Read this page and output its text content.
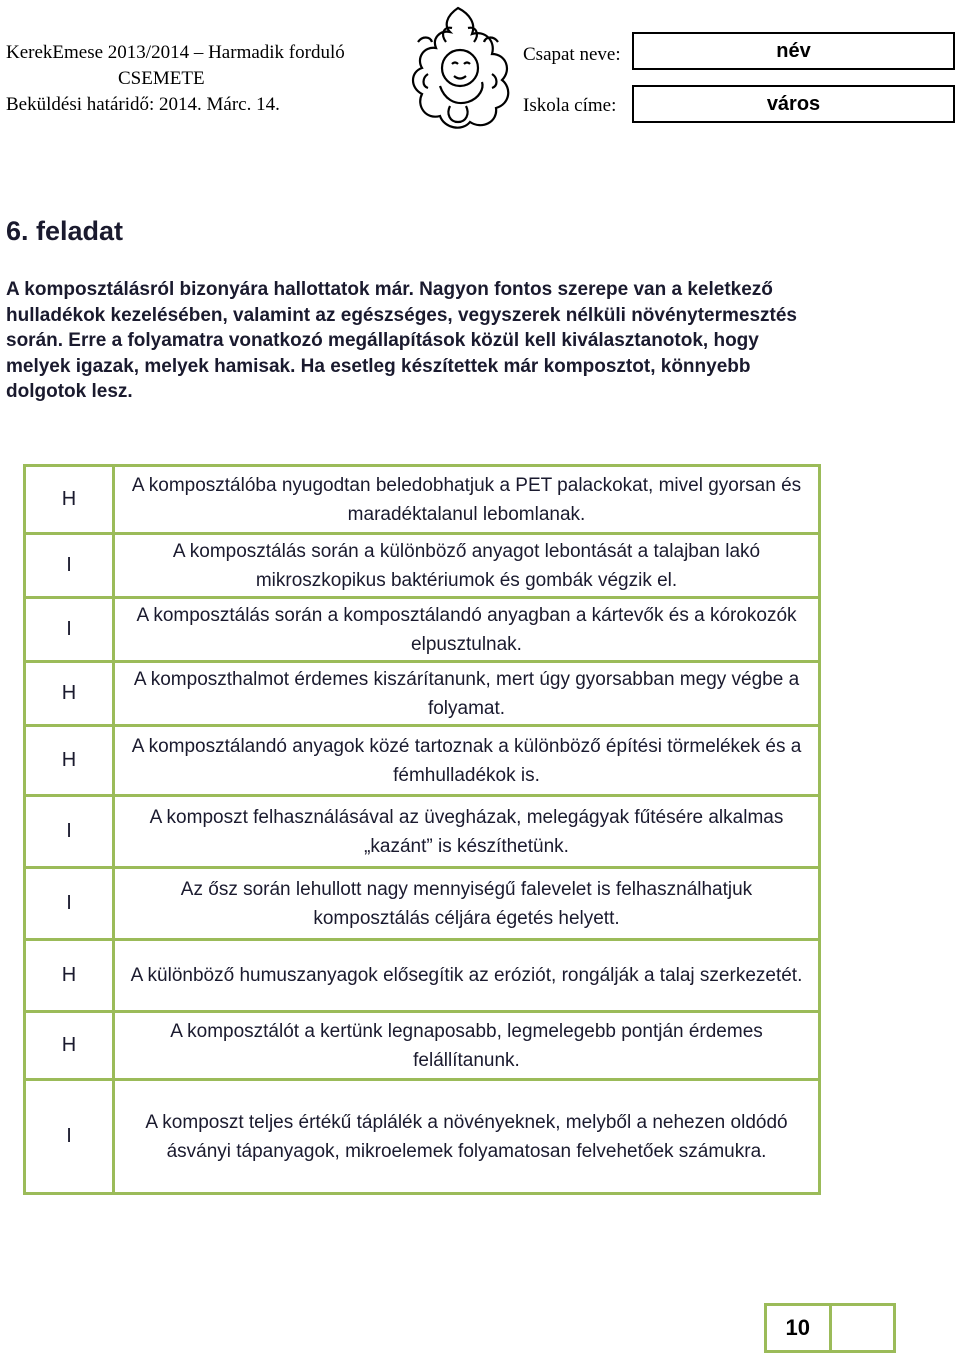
KerekEmese 2013/2014 – Harmadik forduló
CSEMETE
Beküldési határidő: 2014. Márc. 14.
Csapat neve:	név
Iskola címe:	város
6. feladat
A komposztálásról bizonyára hallottatok már. Nagyon fontos szerepe van a keletkező hulladékok kezelésében, valamint az egészséges, vegyszerek nélküli növénytermesztés során. Erre a folyamatra vonatkozó megállapítások közül kell kiválasztanotok, hogy melyek igazak, melyek hamisak. Ha esetleg készítettek már komposztot, könnyebb dolgotok lesz.
H	A komposztálóba nyugodtan beledobhatjuk a PET palackokat, mivel gyorsan és maradéktalanul lebomlanak.
I	A komposztálás során a különböző anyagot lebontását a talajban lakó mikroszkopikus baktériumok és gombák végzik el.
I	A komposztálás során a komposztálandó anyagban a kártevők és a kórokozók elpusztulnak.
H	A komposzthalmot érdemes kiszárítanunk, mert úgy gyorsabban megy végbe a folyamat.
H	A komposztálandó anyagok közé tartoznak a különböző építési törmelékek és a fémhulladékok is.
I	A komposzt felhasználásával az üvegházak, melegágyak fűtésére alkalmas „kazánt” is készíthetünk.
I	Az ősz során lehullott nagy mennyiségű falevelet is felhasználhatjuk komposztálás céljára égetés helyett.
H	A különböző humuszanyagok elősegítik az eróziót, rongálják a talaj szerkezetét.
H	A komposztálót a kertünk legnaposabb, legmelegebb pontján érdemes felállítanunk.
I	A komposzt teljes értékű táplálék a növényeknek, melyből a nehezen oldódó ásványi tápanyagok, mikroelemek folyamatosan felvehetőek számukra.
10
